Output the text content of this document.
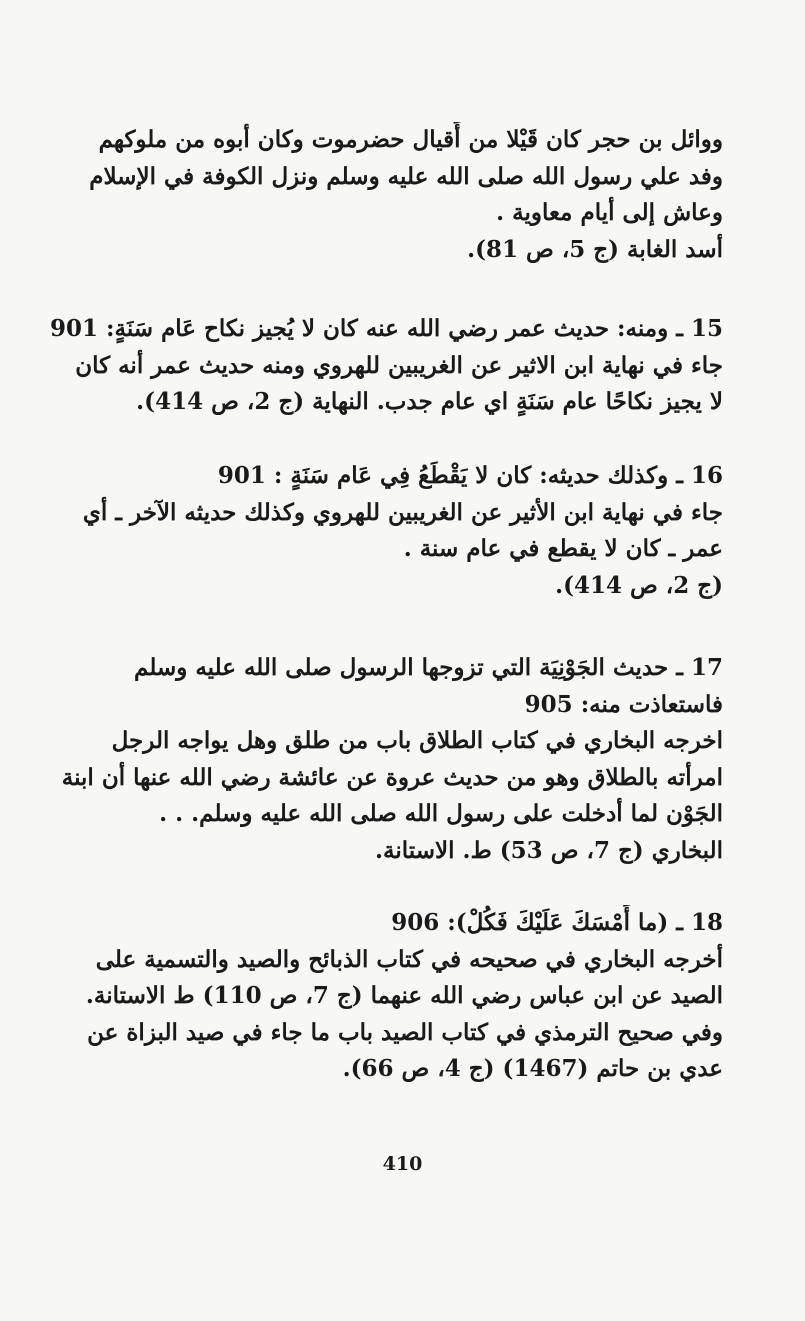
ووائل بن حجر كان قَيْلا من أَقيال حضرموت وكان أبوه من ملوكهم
وفد علي رسول الله صلى الله عليه وسلم ونزل الكوفة في الإسلام
وعاش إلى أيام معاوية .
أسد الغابة (ج 5، ص 81).
15 ـ ومنه: حديث عمر رضي الله عنه كان لا يُجيز نكاح عَام سَنَةٍ: 901
جاء في نهاية ابن الاثير عن الغريبين للهروي ومنه حديث عمر أنه كان
لا يجيز نكاحًا عام سَنَةٍ اي عام جدب. النهاية (ج 2، ص 414).
16 ـ وكذلك حديثه: كان لا يَقْطَعُ فِي عَام سَنَةٍ : 901
جاء في نهاية ابن الأثير عن الغريبين للهروي وكذلك حديثه الآخر ـ أي
عمر ـ كان لا يقطع في عام سنة .
(ج 2، ص 414).
17 ـ حديث الجَوْنِيَة التي تزوجها الرسول صلى الله عليه وسلم
فاستعاذت منه: 905
اخرجه البخاري في كتاب الطلاق باب من طلق وهل يواجه الرجل
امرأته بالطلاق وهو من حديث عروة عن عائشة رضي الله عنها أن ابنة
الجَوْن لما أدخلت على رسول الله صلى الله عليه وسلم. . .
البخاري (ج 7، ص 53) ط. الاستانة.
18 ـ (ما أَمْسَكَ عَلَيْكَ فَكُلْ): 906
أخرجه البخاري في صحيحه في كتاب الذبائح والصيد والتسمية على
الصيد عن ابن عباس رضي الله عنهما (ج 7، ص 110) ط الاستانة.
وفي صحيح الترمذي في كتاب الصيد باب ما جاء في صيد البزاة عن
عدي بن حاتم (1467) (ج 4، ص 66).
410
